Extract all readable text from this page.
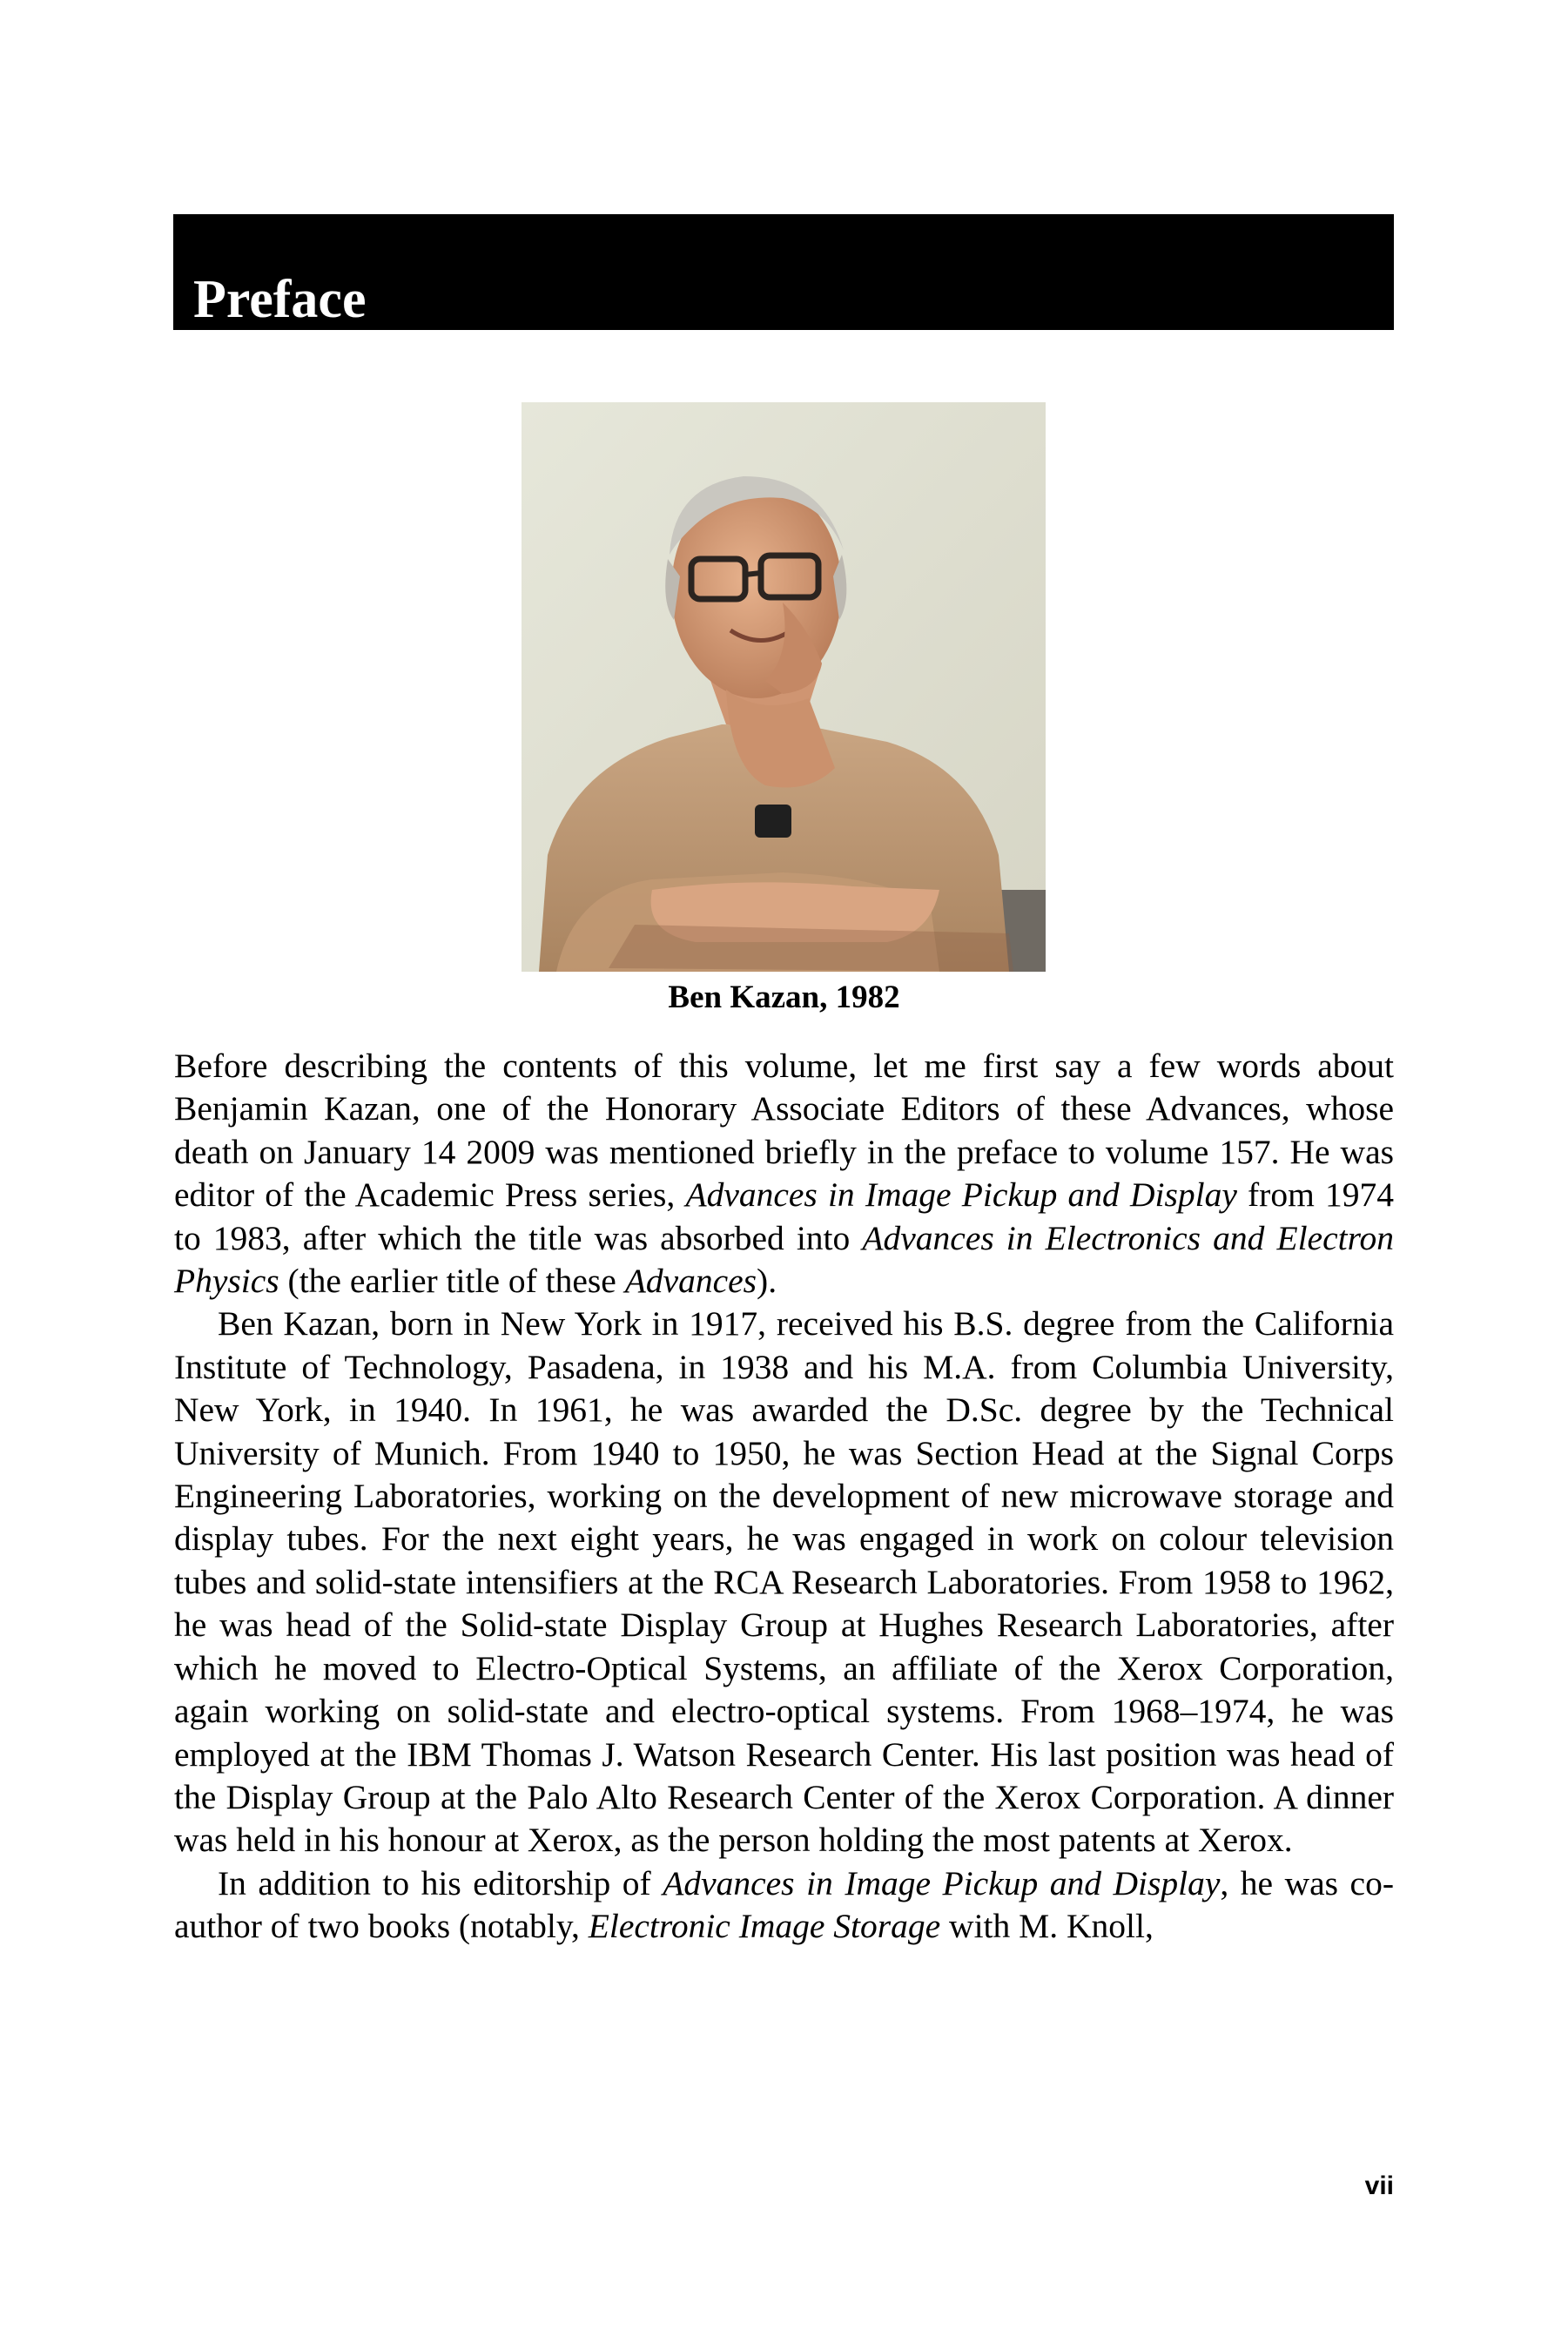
Preface
Ben Kazan, 1982

Before describing the contents of this volume, let me first say a few words about Benjamin Kazan, one of the Honorary Associate Editors of these Advances, whose death on January 14 2009 was mentioned briefly in the preface to volume 157. He was editor of the Academic Press series, Advances in Image Pickup and Display from 1974 to 1983, after which the title was absorbed into Advances in Electronics and Electron Physics (the earlier title of these Advances).

Ben Kazan, born in New York in 1917, received his B.S. degree from the California Institute of Technology, Pasadena, in 1938 and his M.A. from Columbia University, New York, in 1940. In 1961, he was awarded the D.Sc. degree by the Technical University of Munich. From 1940 to 1950, he was Section Head at the Signal Corps Engineering Laboratories, working on the development of new microwave storage and display tubes. For the next eight years, he was engaged in work on colour television tubes and solid-state intensifiers at the RCA Research Laboratories. From 1958 to 1962, he was head of the Solid-state Display Group at Hughes Research Laboratories, after which he moved to Electro-Optical Systems, an affiliate of the Xerox Corporation, again working on solid-state and electro-optical systems. From 1968–1974, he was employed at the IBM Thomas J. Watson Research Center. His last position was head of the Display Group at the Palo Alto Research Center of the Xerox Corporation. A dinner was held in his honour at Xerox, as the person holding the most patents at Xerox.

In addition to his editorship of Advances in Image Pickup and Display, he was co-author of two books (notably, Electronic Image Storage with M. Knoll,

vii
